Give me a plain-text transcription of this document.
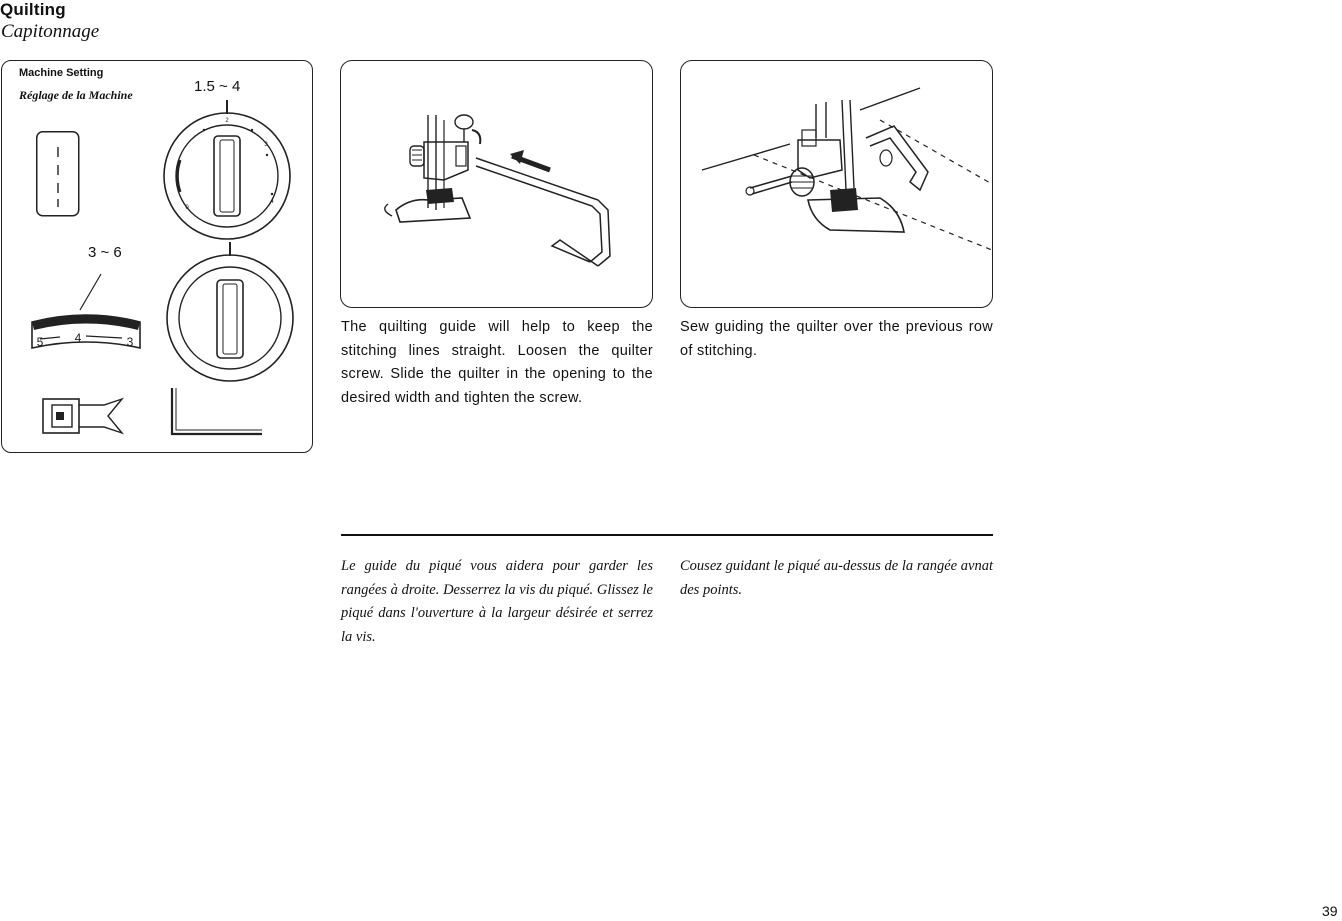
Quilting
Capitonnage
Machine Setting
Réglage de la Machine	1.5 ~ 4
3 ~ 6
2
3
4
0
5	4	3
The quilting guide will help to keep the stitching lines straight. Loosen the quilter screw. Slide the quilter in the opening to the desired width and tighten the screw.
Sew guiding the quilter over the previous row of stitching.
Le guide du piqué vous aidera pour garder les rangées à droite. Desserrez la vis du piqué. Glissez le piqué dans l'ouverture à la largeur désirée et serrez la vis.
Cousez guidant le piqué au-dessus de la rangée avnat des points.
39
